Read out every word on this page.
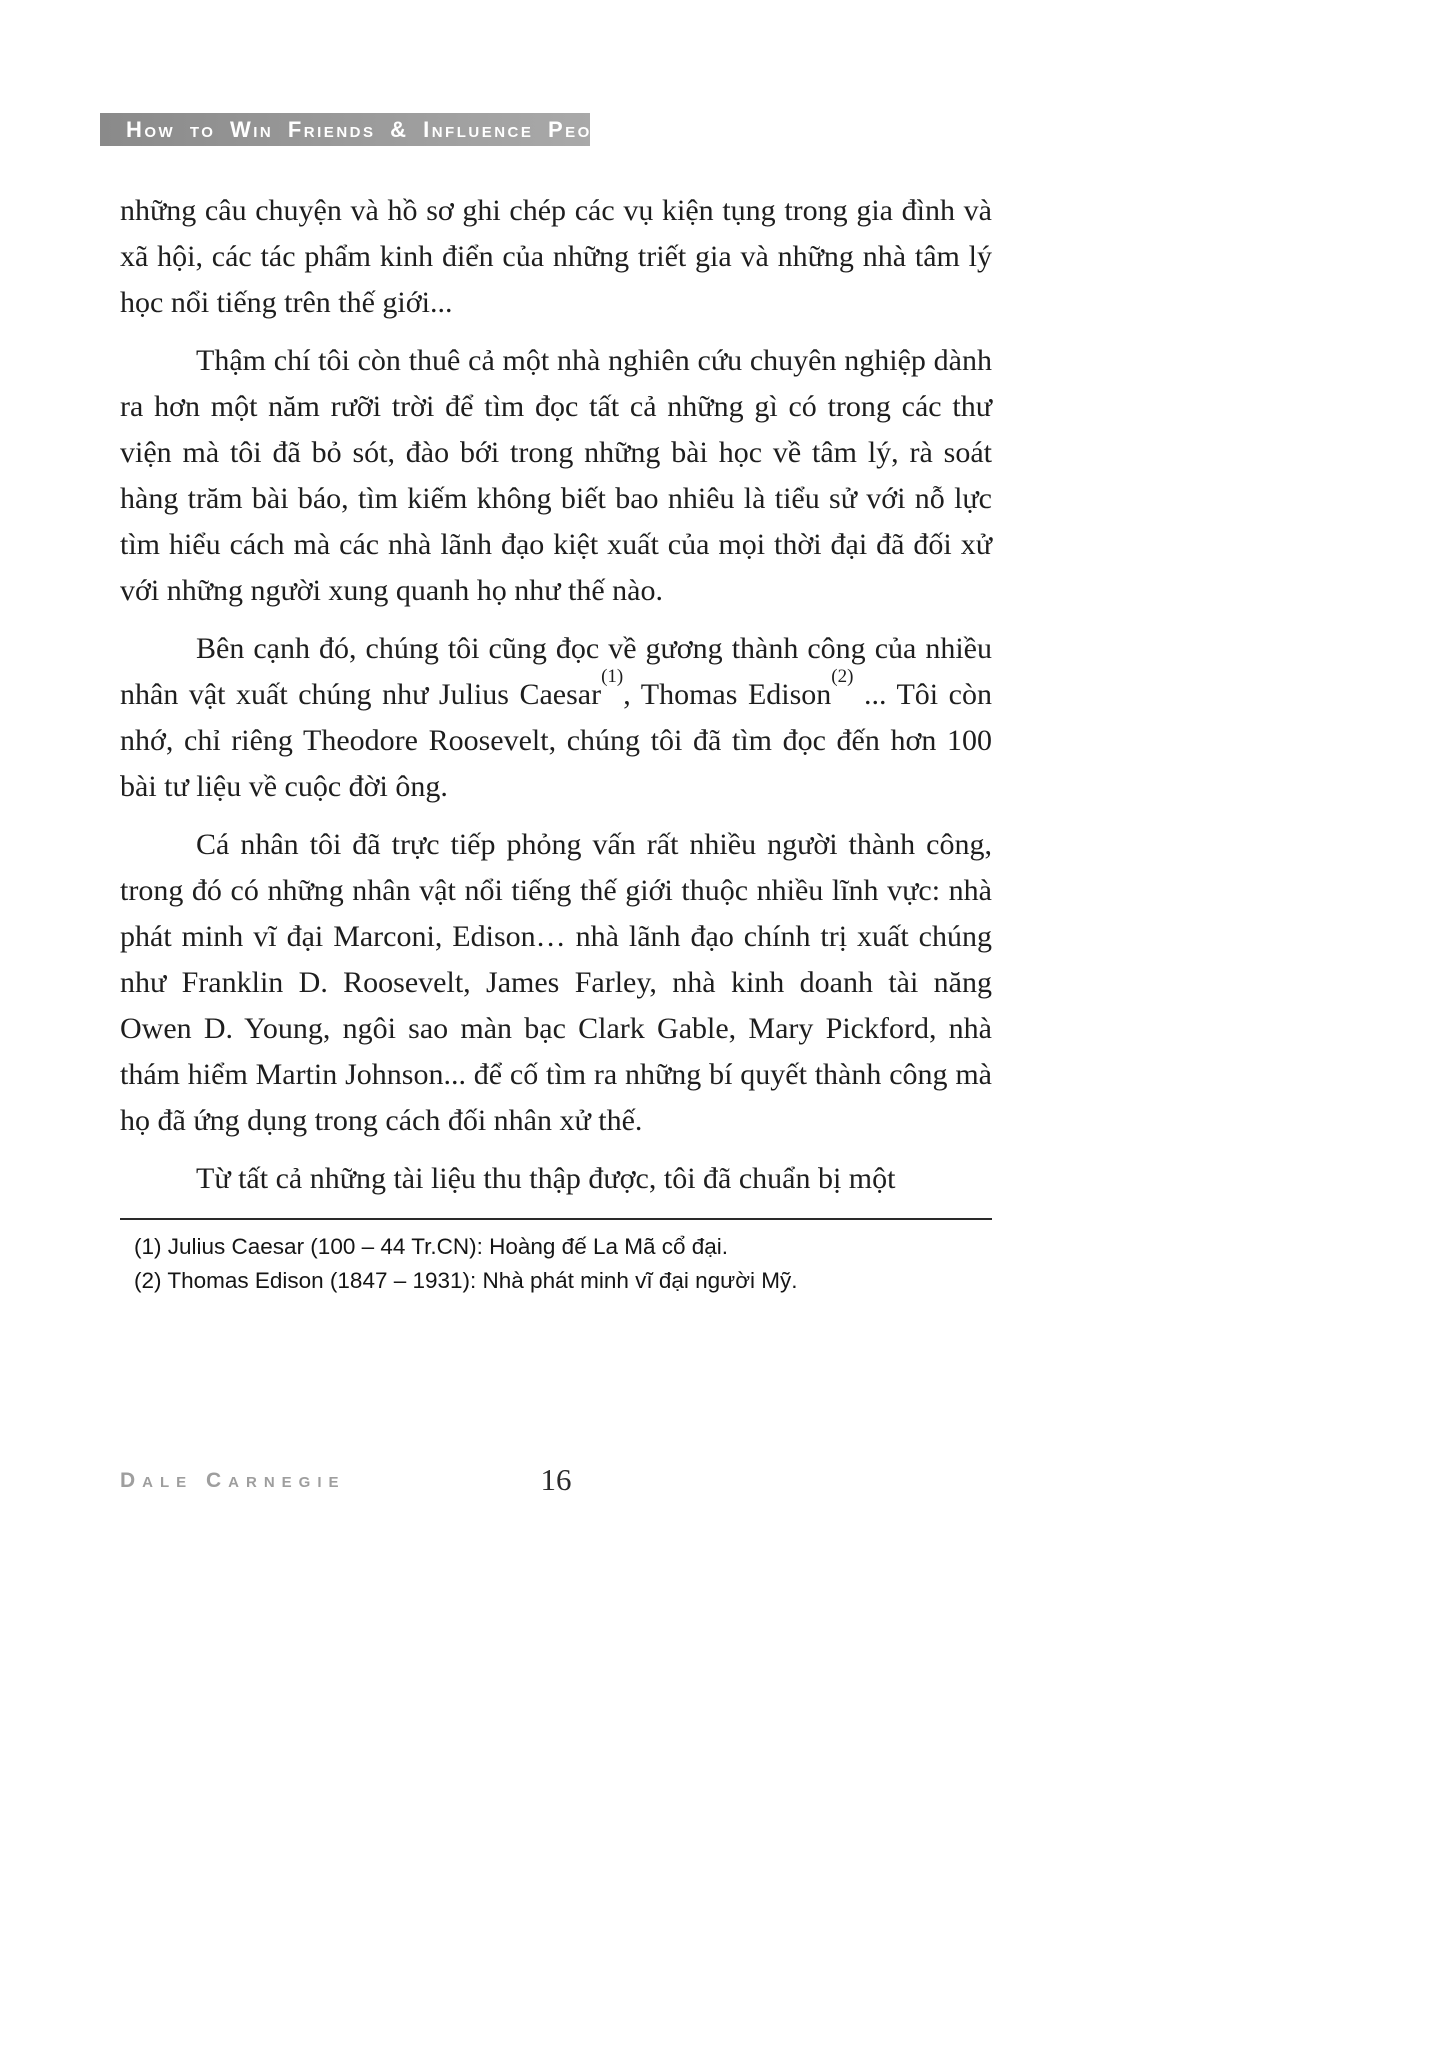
How to Win Friends & Influence People

những câu chuyện và hồ sơ ghi chép các vụ kiện tụng trong gia đình và xã hội, các tác phẩm kinh điển của những triết gia và những nhà tâm lý học nổi tiếng trên thế giới...

Thậm chí tôi còn thuê cả một nhà nghiên cứu chuyên nghiệp dành ra hơn một năm rưỡi trời để tìm đọc tất cả những gì có trong các thư viện mà tôi đã bỏ sót, đào bới trong những bài học về tâm lý, rà soát hàng trăm bài báo, tìm kiếm không biết bao nhiêu là tiểu sử với nỗ lực tìm hiểu cách mà các nhà lãnh đạo kiệt xuất của mọi thời đại đã đối xử với những người xung quanh họ như thế nào.

Bên cạnh đó, chúng tôi cũng đọc về gương thành công của nhiều nhân vật xuất chúng như Julius Caesar$^{(1)}$, Thomas Edison$^{(2)}$ ... Tôi còn nhớ, chỉ riêng Theodore Roosevelt, chúng tôi đã tìm đọc đến hơn 100 bài tư liệu về cuộc đời ông.

Cá nhân tôi đã trực tiếp phỏng vấn rất nhiều người thành công, trong đó có những nhân vật nổi tiếng thế giới thuộc nhiều lĩnh vực: nhà phát minh vĩ đại Marconi, Edison… nhà lãnh đạo chính trị xuất chúng như Franklin D. Roosevelt, James Farley, nhà kinh doanh tài năng Owen D. Young, ngôi sao màn bạc Clark Gable, Mary Pickford, nhà thám hiểm Martin Johnson... để cố tìm ra những bí quyết thành công mà họ đã ứng dụng trong cách đối nhân xử thế.

Từ tất cả những tài liệu thu thập được, tôi đã chuẩn bị một

(1) Julius Caesar (100 – 44 Tr.CN): Hoàng đế La Mã cổ đại.
(2) Thomas Edison (1847 – 1931): Nhà phát minh vĩ đại người Mỹ.
Dale Carnegie	16
